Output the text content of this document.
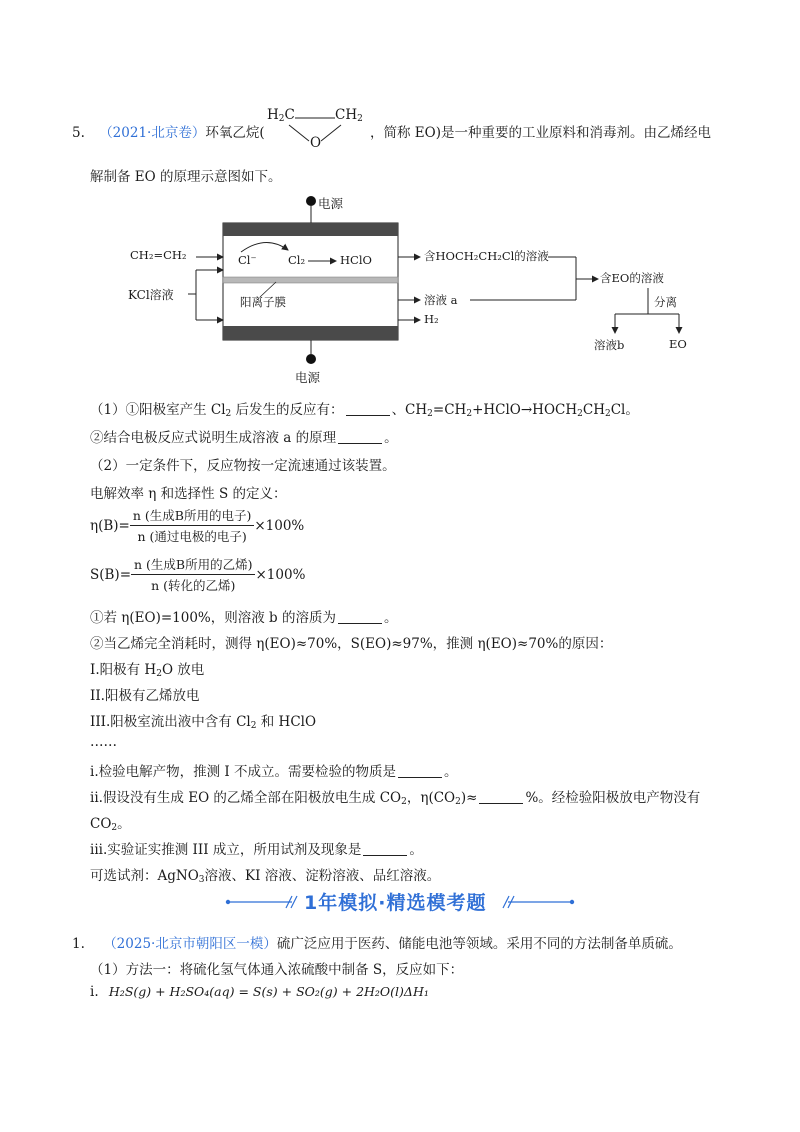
5. （2021·北京卷）环氧乙烷(
$H_2C$	$CH_2$
O
，简称 EO)是一种重要的工业原料和消毒剂。由乙烯经电
解制备 EO 的原理示意图如下。
电源
电源
CH₂=CH₂
KCl溶液
Cl⁻	Cl₂	HClO
阳离子膜
含HOCH₂CH₂Cl的溶液
溶液 a
H₂
含EO的溶液
分离
溶液b	EO
（1）①阳极室产生 $Cl_2$ 后发生的反应有：	、$CH_2=CH_2+HClO\to HOCH_2CH_2Cl$。
②结合电极反应式说明生成溶液 a 的原理	。
（2）一定条件下，反应物按一定流速通过该装置。
电解效率 η 和选择性 S 的定义：
$\eta(B)= \frac{\text{n (生成B所用的电子)}}{\text{n (通过电极的电子)}} \times 100\%$
$S(B)= \frac{\text{n (生成B所用的乙烯)}}{\text{n (转化的乙烯)}} \times 100\%$
①若 η(EO)=100%，则溶液 b 的溶质为	。
②当乙烯完全消耗时，测得 η(EO)≈70%，S(EO)≈97%，推测 η(EO)≈70%的原因：
I.阳极有 $H_2O$ 放电
II.阳极有乙烯放电
III.阳极室流出液中含有 $Cl_2$ 和 HClO
……
i.检验电解产物，推测 I 不成立。需要检验的物质是	。
ii.假设没有生成 EO 的乙烯全部在阳极放电生成 $CO_2$，$\eta(CO_2)\approx$	%。经检验阳极放电产物没有
$CO_2$。
iii.实验证实推测 III 成立，所用试剂及现象是	。
可选试剂：AgNO$_3$溶液、KI 溶液、淀粉溶液、品红溶液。
1年模拟·精选模考题
1. （2025·北京市朝阳区一模）硫广泛应用于医药、储能电池等领域。采用不同的方法制备单质硫。
（1）方法一：将硫化氢气体通入浓硫酸中制备 S，反应如下：
i. H₂S(g) + H₂SO₄(aq) = S(s) + SO₂(g) + 2H₂O(l)ΔH₁
